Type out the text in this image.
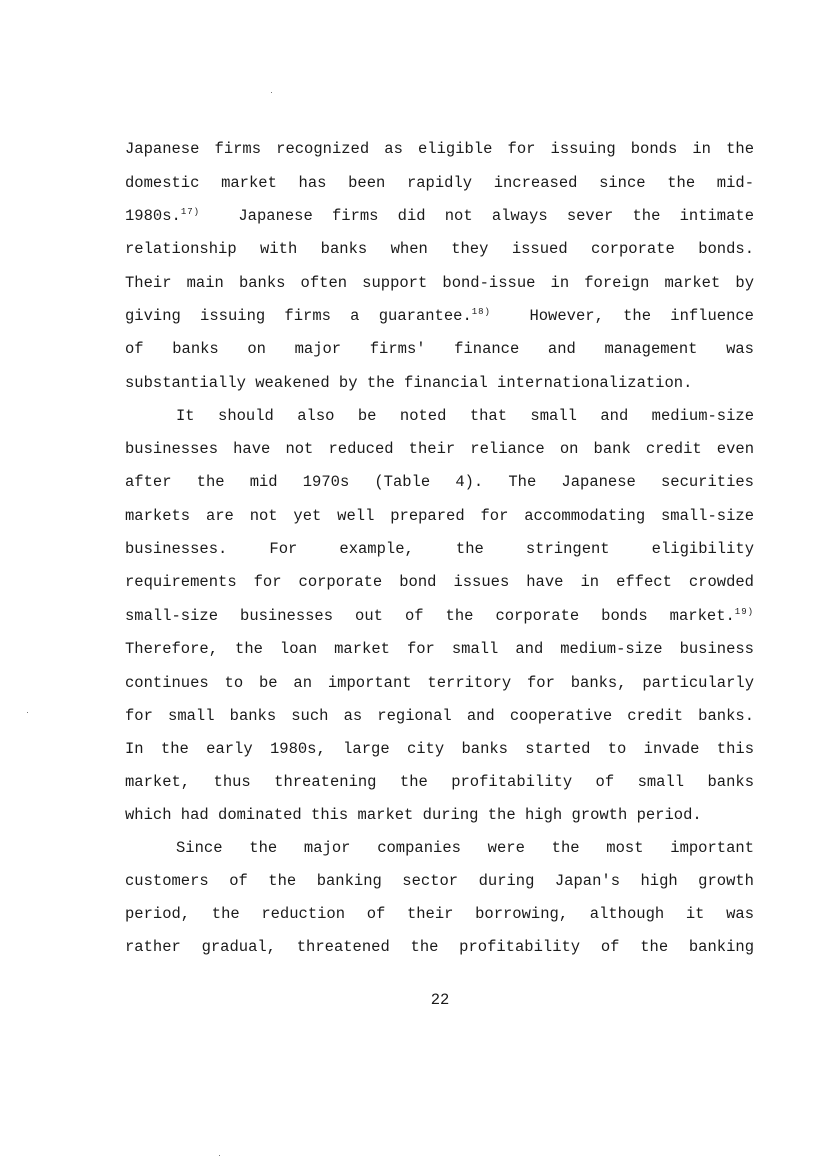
Japanese firms recognized as eligible for issuing bonds in the
domestic market has been rapidly increased since the mid-
1980s.$^{17)}$  Japanese firms did not always sever the intimate
relationship with banks when they issued corporate bonds.
Their main banks often support bond-issue in foreign market by
giving issuing firms a guarantee.$^{18)}$  However, the influence
of banks on major firms' finance and management was
substantially weakened by the financial internationalization.
It should also be noted that small and medium-size
businesses have not reduced their reliance on bank credit even
after the mid 1970s (Table 4). The Japanese securities
markets are not yet well prepared for accommodating small-size
businesses. For example, the stringent eligibility
requirements for corporate bond issues have in effect crowded
small-size businesses out of the corporate bonds market.$^{19)}$
Therefore, the loan market for small and medium-size business
continues to be an important territory for banks, particularly
for small banks such as regional and cooperative credit banks.
In the early 1980s, large city banks started to invade this
market, thus threatening the profitability of small banks
which had dominated this market during the high growth period.
Since the major companies were the most important
customers of the banking sector during Japan's high growth
period, the reduction of their borrowing, although it was
rather gradual, threatened the profitability of the banking
22
